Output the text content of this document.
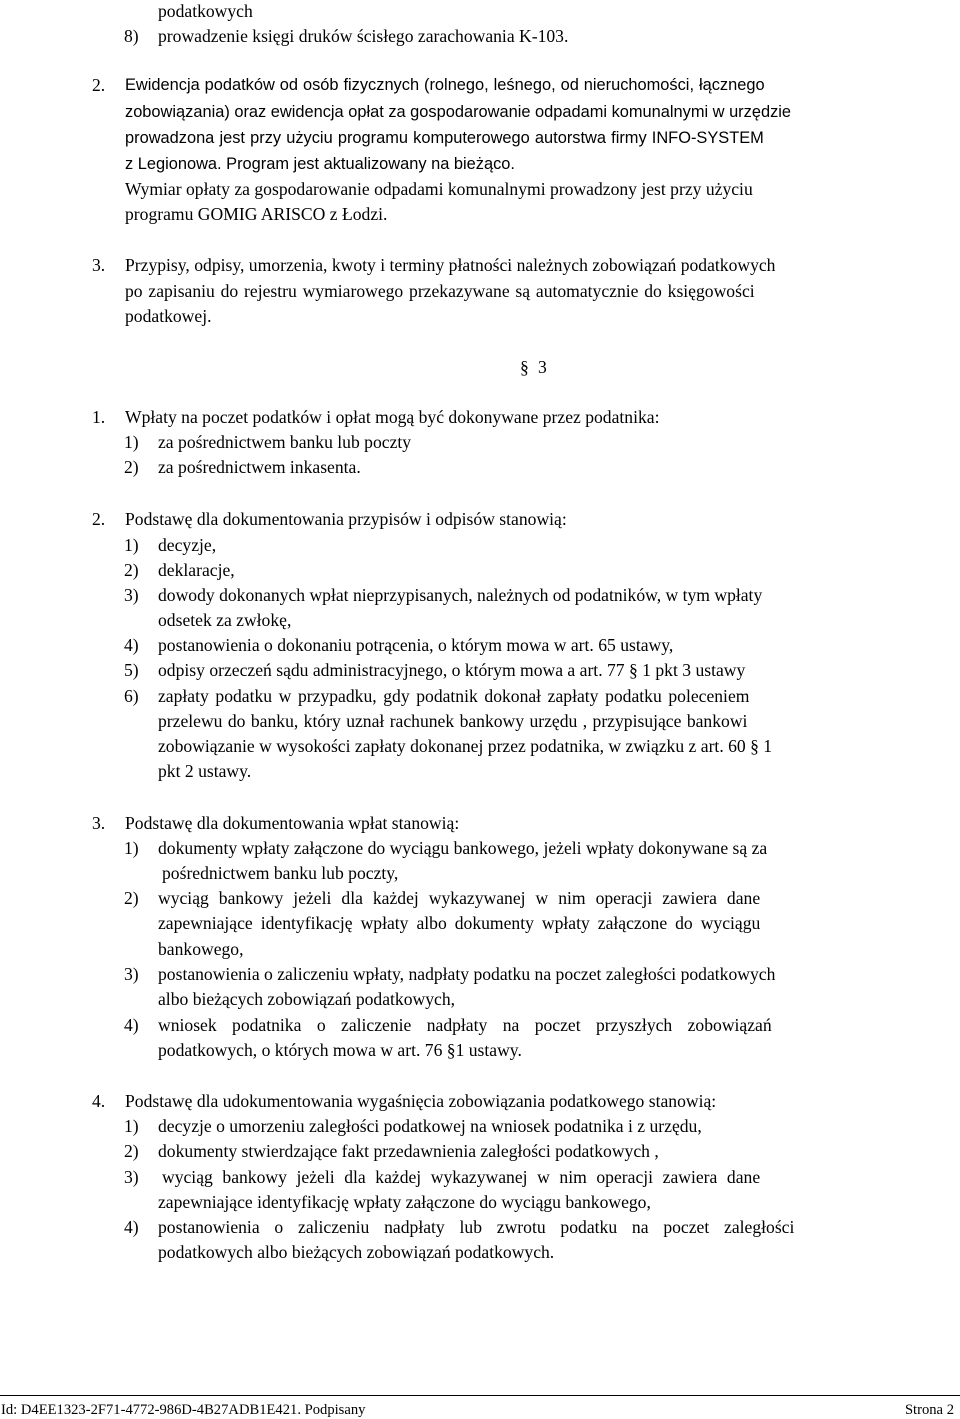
podatkowych
8) prowadzenie księgi druków ścisłego zarachowania K-103.
2. Ewidencja podatków od osób fizycznych (rolnego, leśnego, od nieruchomości, łącznego
zobowiązania) oraz ewidencja opłat za gospodarowanie odpadami komunalnymi w urzędzie
prowadzona jest przy użyciu programu komputerowego autorstwa firmy INFO-SYSTEM
z Legionowa. Program jest aktualizowany na bieżąco.
Wymiar opłaty za gospodarowanie odpadami komunalnymi prowadzony jest przy użyciu
programu GOMIG ARISCO z Łodzi.
3. Przypisy, odpisy, umorzenia, kwoty i terminy płatności należnych zobowiązań podatkowych
po zapisaniu do rejestru wymiarowego przekazywane są automatycznie do księgowości
podatkowej.
§ 3
1. Wpłaty na poczet podatków i opłat mogą być dokonywane przez podatnika:
1) za pośrednictwem banku lub poczty
2) za pośrednictwem inkasenta.
2. Podstawę dla dokumentowania przypisów i odpisów stanowią:
1) decyzje,
2) deklaracje,
3) dowody dokonanych wpłat nieprzypisanych, należnych od podatników, w tym wpłaty
odsetek za zwłokę,
4) postanowienia o dokonaniu potrącenia, o którym mowa w art. 65 ustawy,
5) odpisy orzeczeń sądu administracyjnego, o którym mowa a art. 77 § 1 pkt 3 ustawy
6) zapłaty podatku w przypadku, gdy podatnik dokonał zapłaty podatku poleceniem
przelewu do banku, który uznał rachunek bankowy urzędu , przypisujące bankowi
zobowiązanie w wysokości zapłaty dokonanej przez podatnika, w związku z art. 60 § 1
pkt 2 ustawy.
3. Podstawę dla dokumentowania wpłat stanowią:
1) dokumenty wpłaty załączone do wyciągu bankowego, jeżeli wpłaty dokonywane są za
pośrednictwem banku lub poczty,
2) wyciąg bankowy jeżeli dla każdej wykazywanej w nim operacji zawiera dane
zapewniające identyfikację wpłaty albo dokumenty wpłaty załączone do wyciągu
bankowego,
3) postanowienia o zaliczeniu wpłaty, nadpłaty podatku na poczet zaległości podatkowych
albo bieżących zobowiązań podatkowych,
4) wniosek podatnika o zaliczenie nadpłaty na poczet przyszłych zobowiązań
podatkowych, o których mowa w art. 76 §1 ustawy.
4. Podstawę dla udokumentowania wygaśnięcia zobowiązania podatkowego stanowią:
1) decyzje o umorzeniu zaległości podatkowej na wniosek podatnika i z urzędu,
2) dokumenty stwierdzające fakt przedawnienia zaległości podatkowych ,
3) wyciąg bankowy jeżeli dla każdej wykazywanej w nim operacji zawiera dane
zapewniające identyfikację wpłaty załączone do wyciągu bankowego,
4) postanowienia o zaliczeniu nadpłaty lub zwrotu podatku na poczet zaległości
podatkowych albo bieżących zobowiązań podatkowych.
Id: D4EE1323-2F71-4772-986D-4B27ADB1E421. Podpisany	Strona 2
